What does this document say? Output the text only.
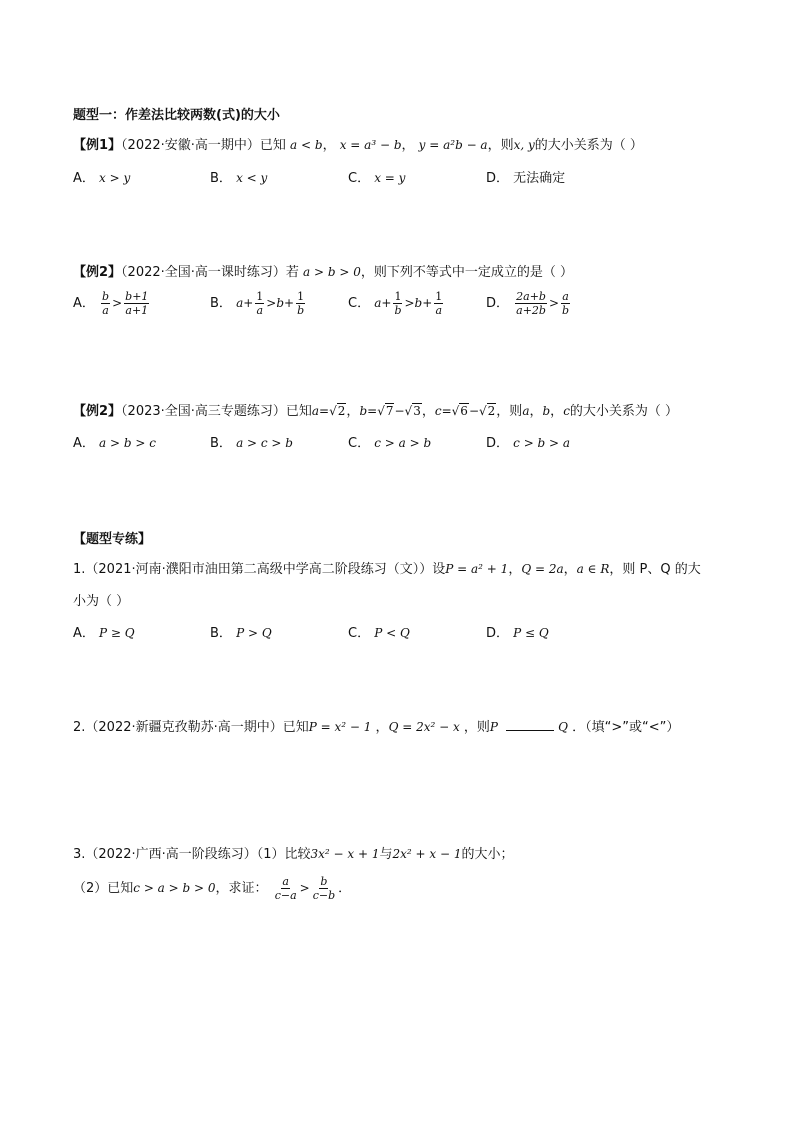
题型一：作差法比较两数(式)的大小
【例1】（2022·安徽·高一期中）已知 a < b， x = a³ − b， y = a²b − a，则x, y的大小关系为（ ）
A． x > y	B． x < y	C． x = y	D． 无法确定
【例2】（2022·全国·高一课时练习）若 a > b > 0，则下列不等式中一定成立的是（ ）
A． $\frac{b}{a} > \frac{b+1}{a+1}$	B． $a+ \frac{1}{a} >b+ \frac{1}{b}$	C． $a+ \frac{1}{b} >b+ \frac{1}{a}$	D． $\frac{2a+b}{a+2b} > \frac{a}{b}$
【例2】（2023·全国·高三专题练习）已知a=√2，b=√7−√3，c=√6−√2，则a，b，c的大小关系为（ ）
A． a > b > c	B． a > c > b	C． c > a > b	D． c > b > a
【题型专练】
1.（2021·河南·濮阳市油田第二高级中学高二阶段练习（文））设P = a² + 1，Q = 2a，a ∈ R，则 P、Q 的大
小为（ ）
A． P ≥ Q	B． P > Q	C． P < Q	D． P ≤ Q
2.（2022·新疆克孜勒苏·高一期中）已知P = x² − 1 ，Q = 2x² − x ，则P	Q ．（填“>”或“<”）
3.（2022·广西·高一阶段练习）（1）比较3x² − x + 1与2x² + x − 1的大小；
（2）已知c > a > b > 0，求证： $\frac{a}{c-a} > \frac{b}{c-b}$ ．
